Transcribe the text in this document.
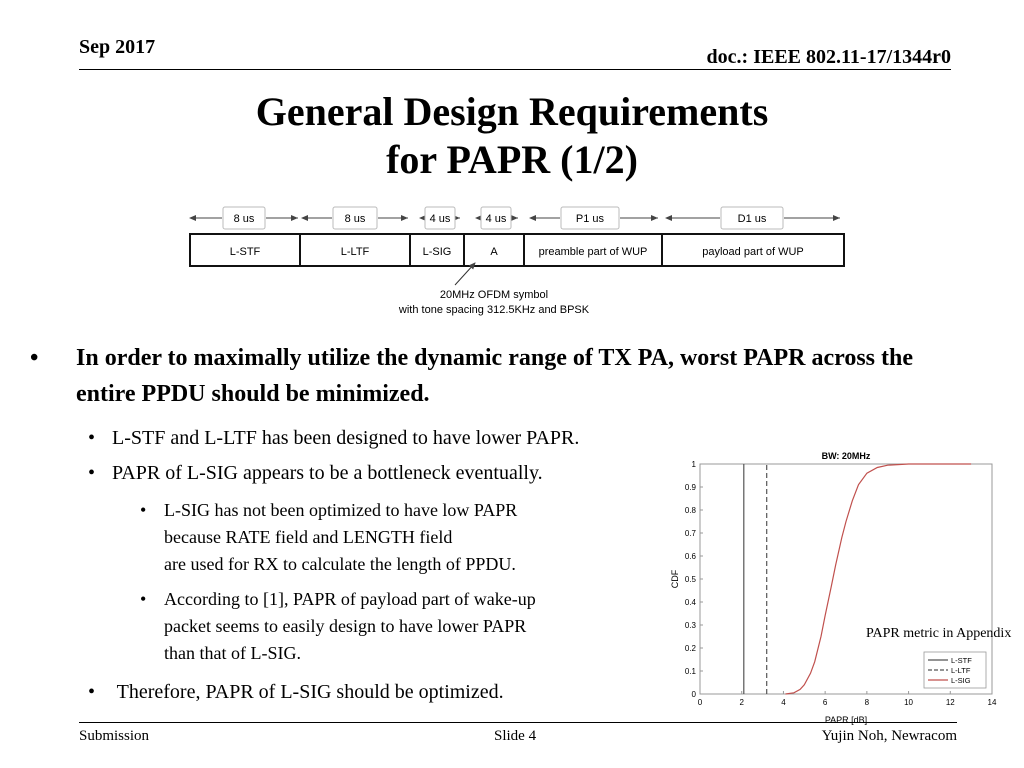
Sep 2017	doc.: IEEE 802.11-17/1344r0
General Design Requirements
for PAPR (1/2)
8 us	8 us	4 us	4 us	P1 us	D1 us
L-STF	L-LTF	L-SIG	A	preamble part of WUP	payload part of WUP
20MHz OFDM symbol
with tone spacing 312.5KHz and BPSK
• In order to maximally utilize the dynamic range of TX PA, worst PAPR across the entire PPDU should be minimized.
• L-STF and L-LTF has been designed to have lower PAPR.
• PAPR of L-SIG appears to be a bottleneck eventually.
• L-SIG has not been optimized to have low PAPR
because RATE field and LENGTH field
are used for RX to calculate the length of PPDU.
• According to [1], PAPR of payload part of wake-up
packet seems to easily design to have lower PAPR
than that of L-SIG.
• Therefore, PAPR of L-SIG should be optimized.
BW: 20MHz
PAPR [dB]
CDF
0	2	4	6	8	10	12	14
0
0.1
0.2
0.3
0.4
0.5
0.6
0.7
0.8
0.9
1
L-STF
L-LTF
L-SIG
PAPR metric in Appendix
Submission	Slide 4	Yujin Noh, Newracom
